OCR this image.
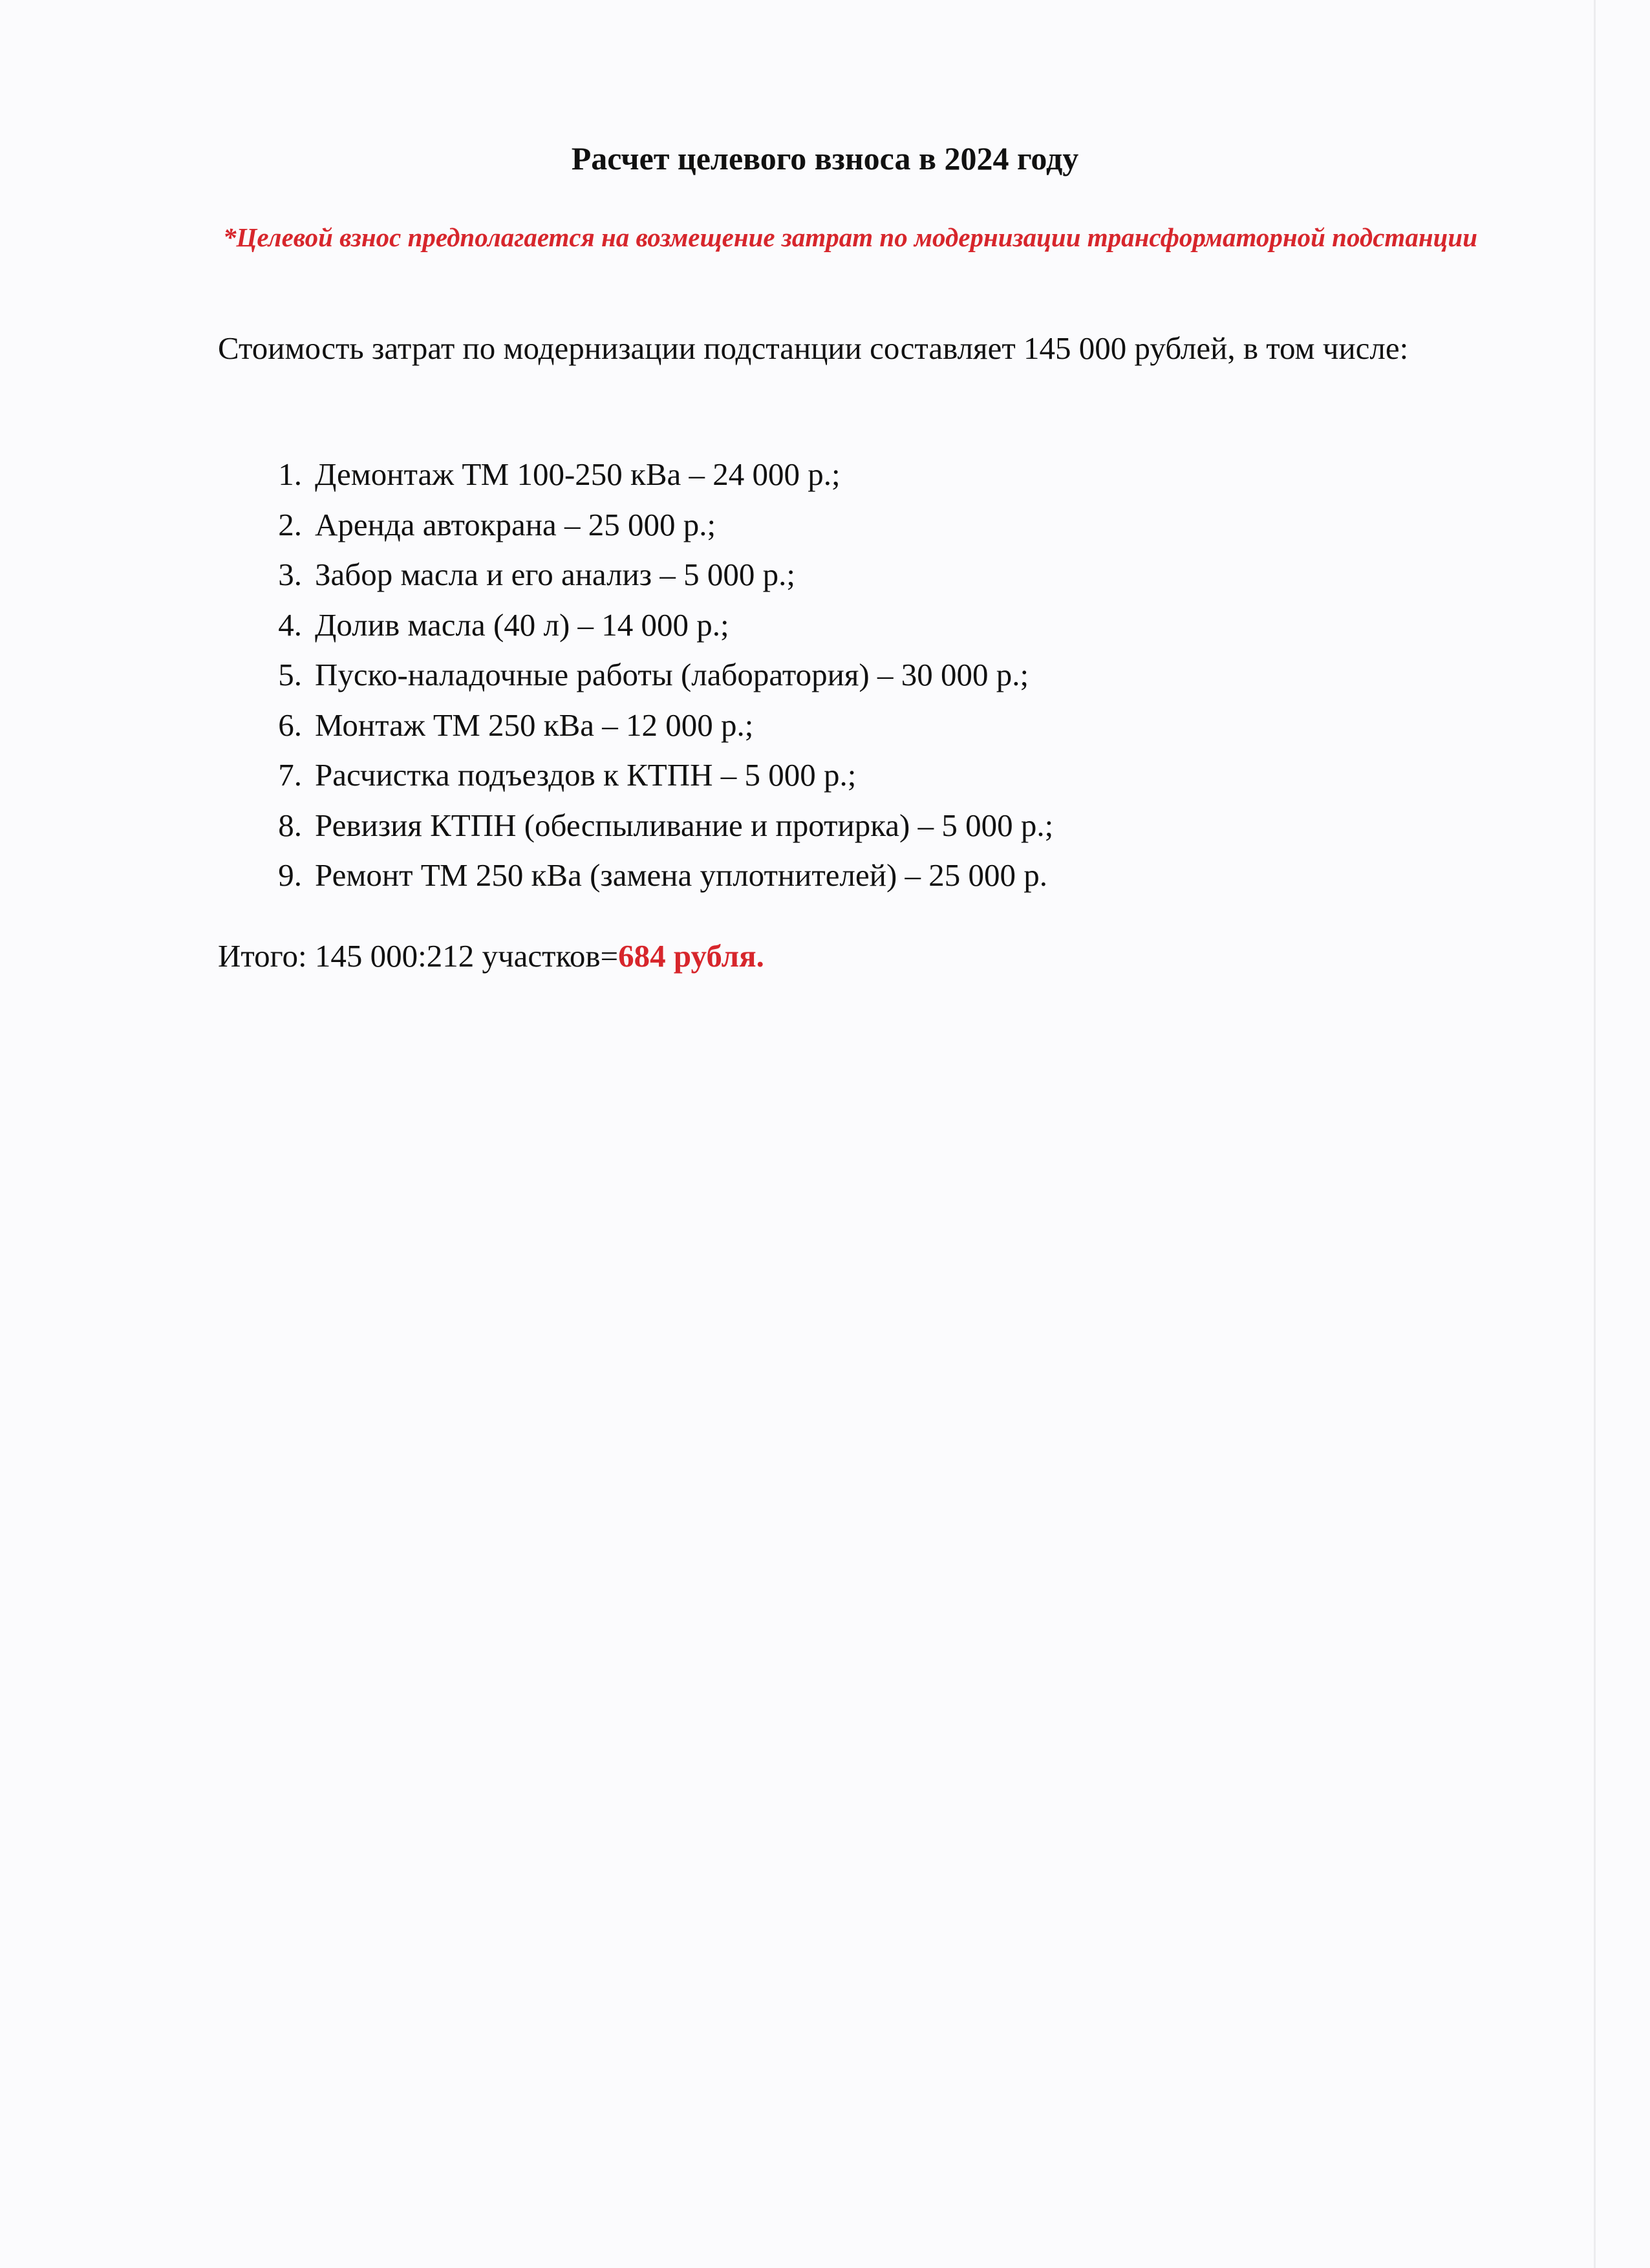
Расчет целевого взноса в 2024 году
*Целевой взнос предполагается на возмещение затрат по модернизации трансформаторной подстанции
Стоимость затрат по модернизации подстанции составляет 145 000 рублей, в том числе:
1. Демонтаж ТМ 100-250 кВа – 24 000 р.;
2. Аренда автокрана – 25 000 р.;
3. Забор масла и его анализ – 5 000 р.;
4. Долив масла (40 л) – 14 000 р.;
5. Пуско-наладочные работы (лаборатория) – 30 000 р.;
6. Монтаж ТМ 250 кВа – 12 000 р.;
7. Расчистка подъездов к КТПН – 5 000 р.;
8. Ревизия КТПН (обеспыливание и протирка) – 5 000 р.;
9. Ремонт ТМ 250 кВа (замена уплотнителей) – 25 000 р.
Итого: 145 000:212 участков=684 рубля.
